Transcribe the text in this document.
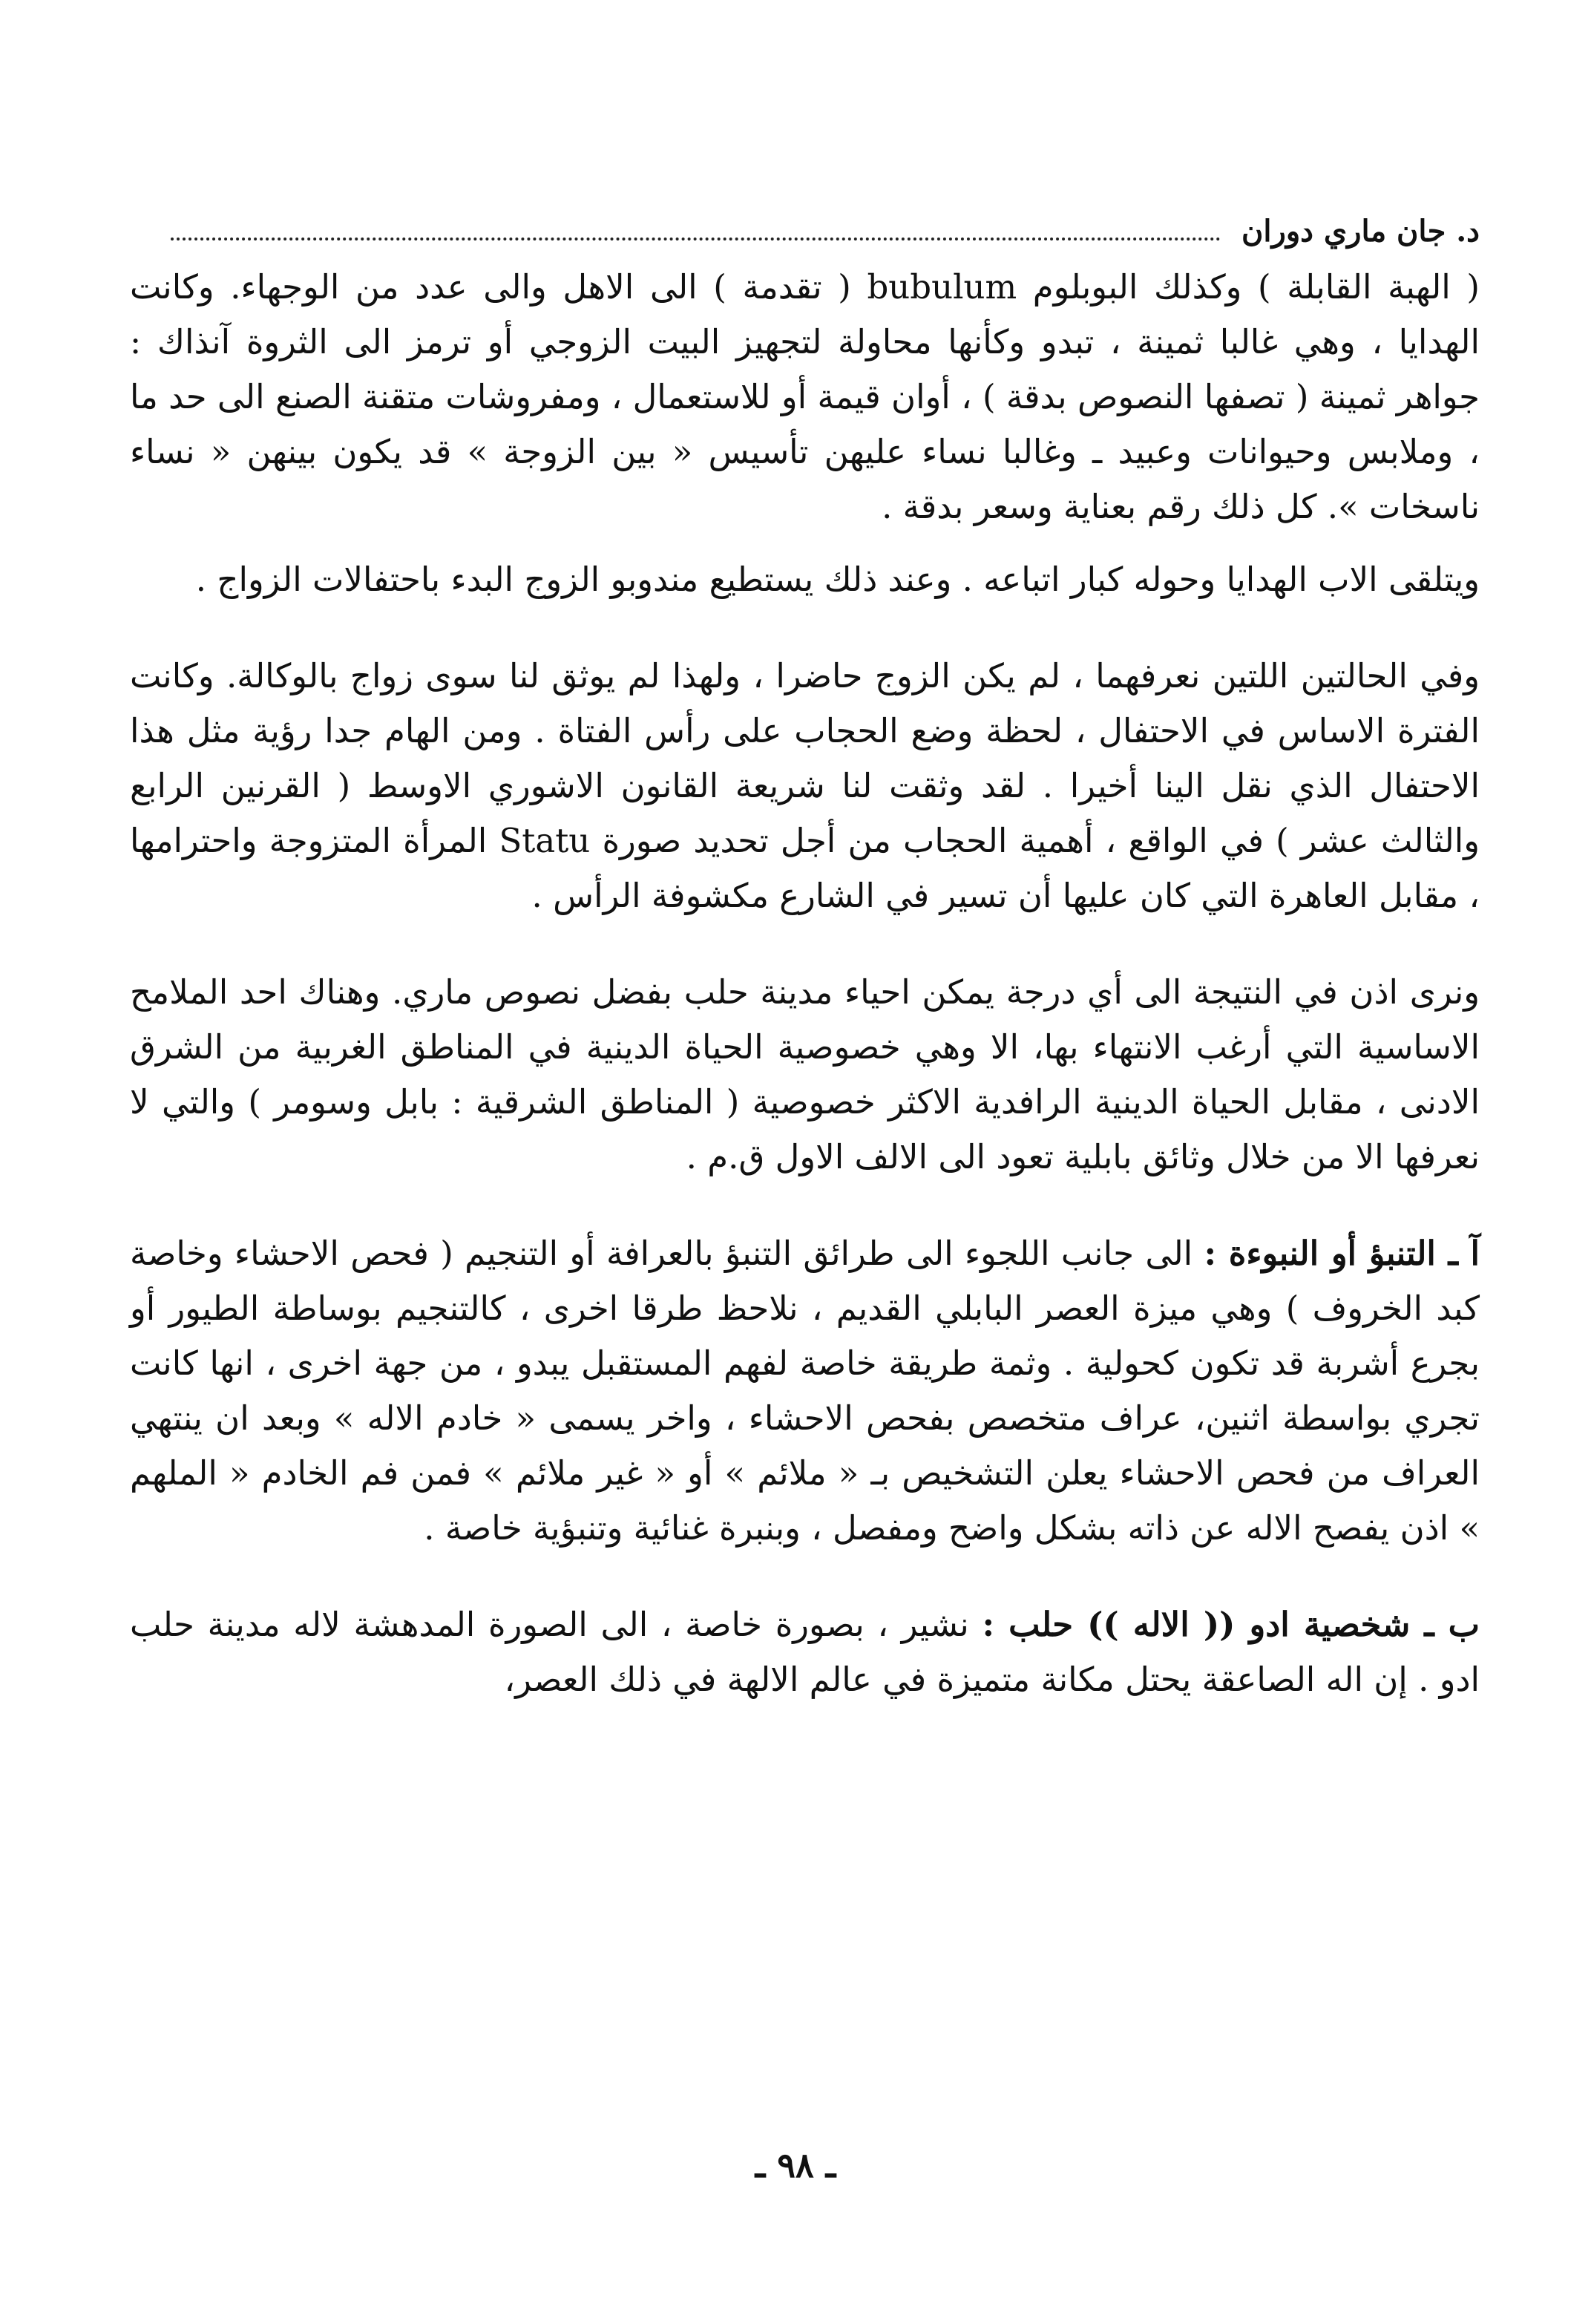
د. جان ماري دوران

( الهبة القابلة ) وكذلك البوبلوم bubulum ( تقدمة ) الى الاهل والى عدد من الوجهاء. وكانت الهدايا ، وهي غالبا ثمينة ، تبدو وكأنها محاولة لتجهيز البيت الزوجي أو ترمز الى الثروة آنذاك : جواهر ثمينة ( تصفها النصوص بدقة ) ، أوان قيمة أو للاستعمال ، ومفروشات متقنة الصنع الى حد ما ، وملابس وحيوانات وعبيد ـ وغالبا نساء عليهن تأسيس « بين الزوجة » قد يكون بينهن « نساء ناسخات ». كل ذلك رقم بعناية وسعر بدقة .

ويتلقى الاب الهدايا وحوله كبار اتباعه . وعند ذلك يستطيع مندوبو الزوج البدء باحتفالات الزواج .

وفي الحالتين اللتين نعرفهما ، لم يكن الزوج حاضرا ، ولهذا لم يوثق لنا سوى زواج بالوكالة. وكانت الفترة الاساس في الاحتفال ، لحظة وضع الحجاب على رأس الفتاة . ومن الهام جدا رؤية مثل هذا الاحتفال الذي نقل الينا أخيرا . لقد وثقت لنا شريعة القانون الاشوري الاوسط ( القرنين الرابع والثالث عشر ) في الواقع ، أهمية الحجاب من أجل تحديد صورة Statu المرأة المتزوجة واحترامها ، مقابل العاهرة التي كان عليها أن تسير في الشارع مكشوفة الرأس .

ونرى اذن في النتيجة الى أي درجة يمكن احياء مدينة حلب بفضل نصوص ماري. وهناك احد الملامح الاساسية التي أرغب الانتهاء بها، الا وهي خصوصية الحياة الدينية في المناطق الغربية من الشرق الادنى ، مقابل الحياة الدينية الرافدية الاكثر خصوصية ( المناطق الشرقية : بابل وسومر ) والتي لا نعرفها الا من خلال وثائق بابلية تعود الى الالف الاول ق.م .

آ ـ التنبؤ أو النبوءة : الى جانب اللجوء الى طرائق التنبؤ بالعرافة أو التنجيم ( فحص الاحشاء وخاصة كبد الخروف ) وهي ميزة العصر البابلي القديم ، نلاحظ طرقا اخرى ، كالتنجيم بوساطة الطيور أو بجرع أشربة قد تكون كحولية . وثمة طريقة خاصة لفهم المستقبل يبدو ، من جهة اخرى ، انها كانت تجري بواسطة اثنين، عراف متخصص بفحص الاحشاء ، واخر يسمى « خادم الاله » وبعد ان ينتهي العراف من فحص الاحشاء يعلن التشخيص بـ « ملائم » أو « غير ملائم » فمن فم الخادم « الملهم » اذن يفصح الاله عن ذاته بشكل واضح ومفصل ، وبنبرة غنائية وتنبؤية خاصة .

ب ـ شخصية ادو (( الاله )) حلب : نشير ، بصورة خاصة ، الى الصورة المدهشة لاله مدينة حلب ادو . إن اله الصاعقة يحتل مكانة متميزة في عالم الالهة في ذلك العصر،

ـ ٩٨ ـ
